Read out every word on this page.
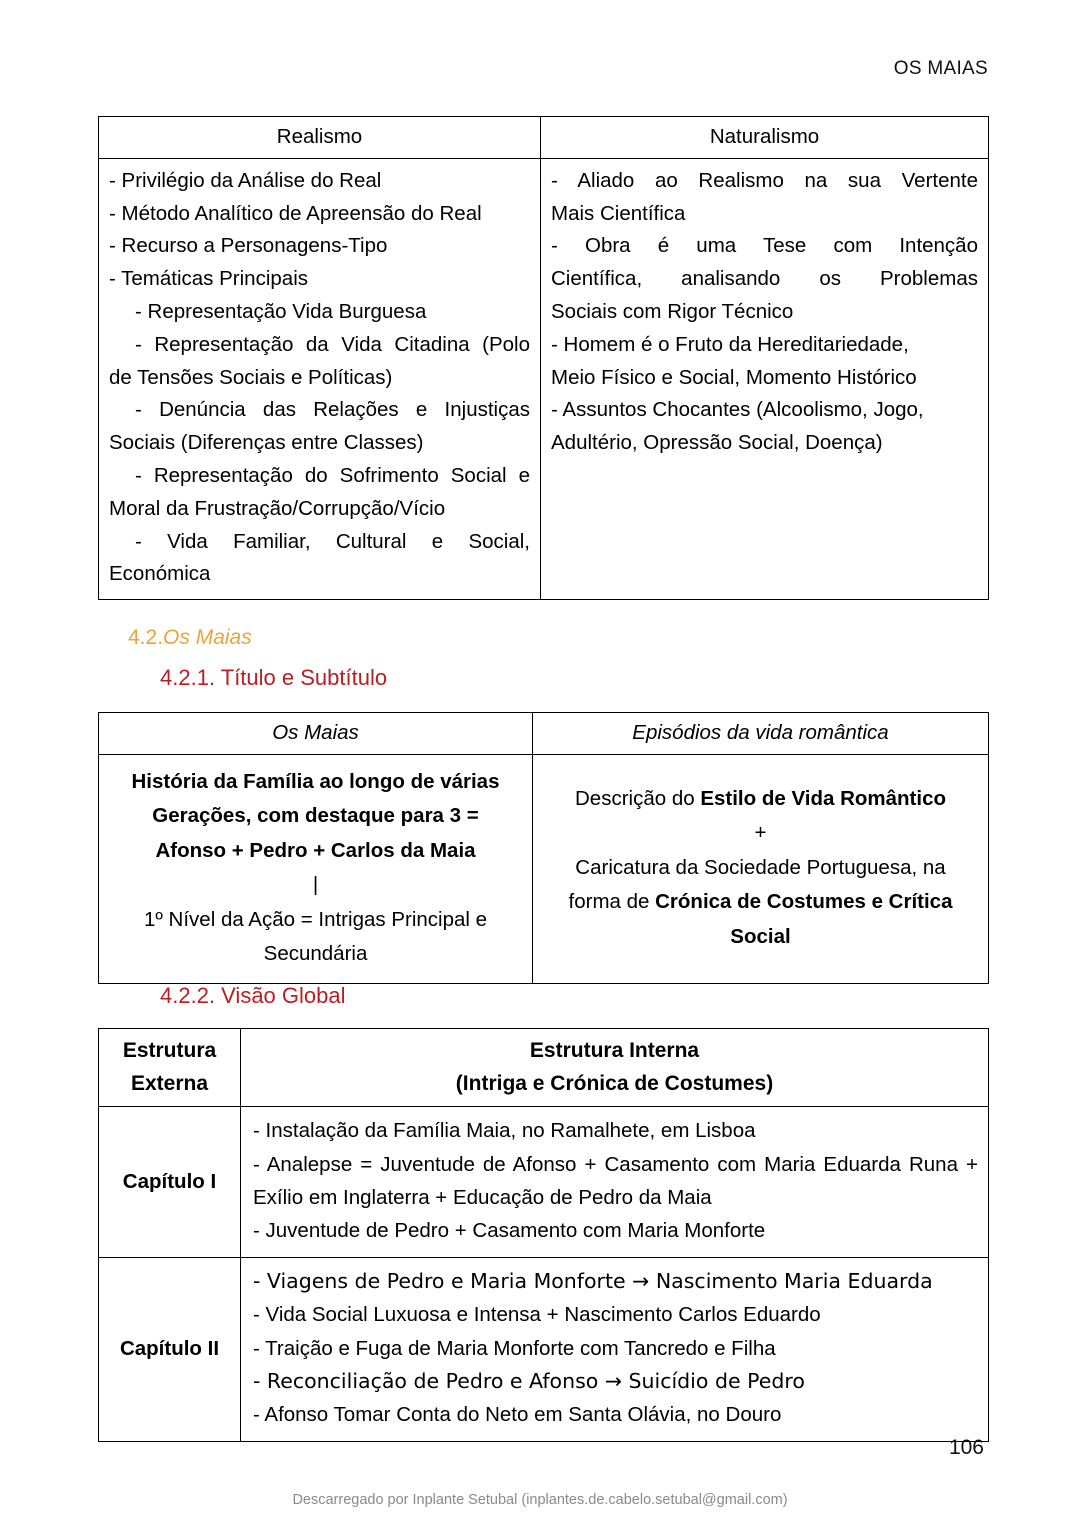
OS MAIAS
Realismo	Naturalismo

- Privilégio da Análise do Real
- Método Analítico de Apreensão do Real
- Recurso a Personagens-Tipo
- Temáticas Principais
- Representação Vida Burguesa
- Representação da Vida Citadina (Polo
de Tensões Sociais e Políticas)
- Denúncia das Relações e Injustiças
Sociais (Diferenças entre Classes)
- Representação do Sofrimento Social e
Moral da Frustração/Corrupção/Vício
- Vida Familiar, Cultural e Social,
Económica

- Aliado ao Realismo na sua Vertente
Mais Científica
- Obra é uma Tese com Intenção
Científica, analisando os Problemas
Sociais com Rigor Técnico
- Homem é o Fruto da Hereditariedade,
Meio Físico e Social, Momento Histórico
- Assuntos Chocantes (Alcoolismo, Jogo,
Adultério, Opressão Social, Doença)
4.2.Os Maias
4.2.1. Título e Subtítulo
Os Maias	Episódios da vida romântica

História da Família ao longo de várias
Gerações, com destaque para 3 =
Afonso + Pedro + Carlos da Maia
|
1º Nível da Ação = Intrigas Principal e
Secundária

Descrição do Estilo de Vida Romântico
+
Caricatura da Sociedade Portuguesa, na forma de Crónica de Costumes e Crítica Social
4.2.2. Visão Global
Estrutura
Externa

Estrutura Interna
(Intriga e Crónica de Costumes)

Capítulo I	- Instalação da Família Maia, no Ramalhete, em Lisboa
- Analepse = Juventude de Afonso + Casamento com Maria Eduarda Runa + Exílio em Inglaterra + Educação de Pedro da Maia
- Juventude de Pedro + Casamento com Maria Monforte

Capítulo II	- Viagens de Pedro e Maria Monforte → Nascimento Maria Eduarda
- Vida Social Luxuosa e Intensa + Nascimento Carlos Eduardo
- Traição e Fuga de Maria Monforte com Tancredo e Filha
- Reconciliação de Pedro e Afonso → Suicídio de Pedro
- Afonso Tomar Conta do Neto em Santa Olávia, no Douro
106
Descarregado por Inplante Setubal (inplantes.de.cabelo.setubal@gmail.com)
